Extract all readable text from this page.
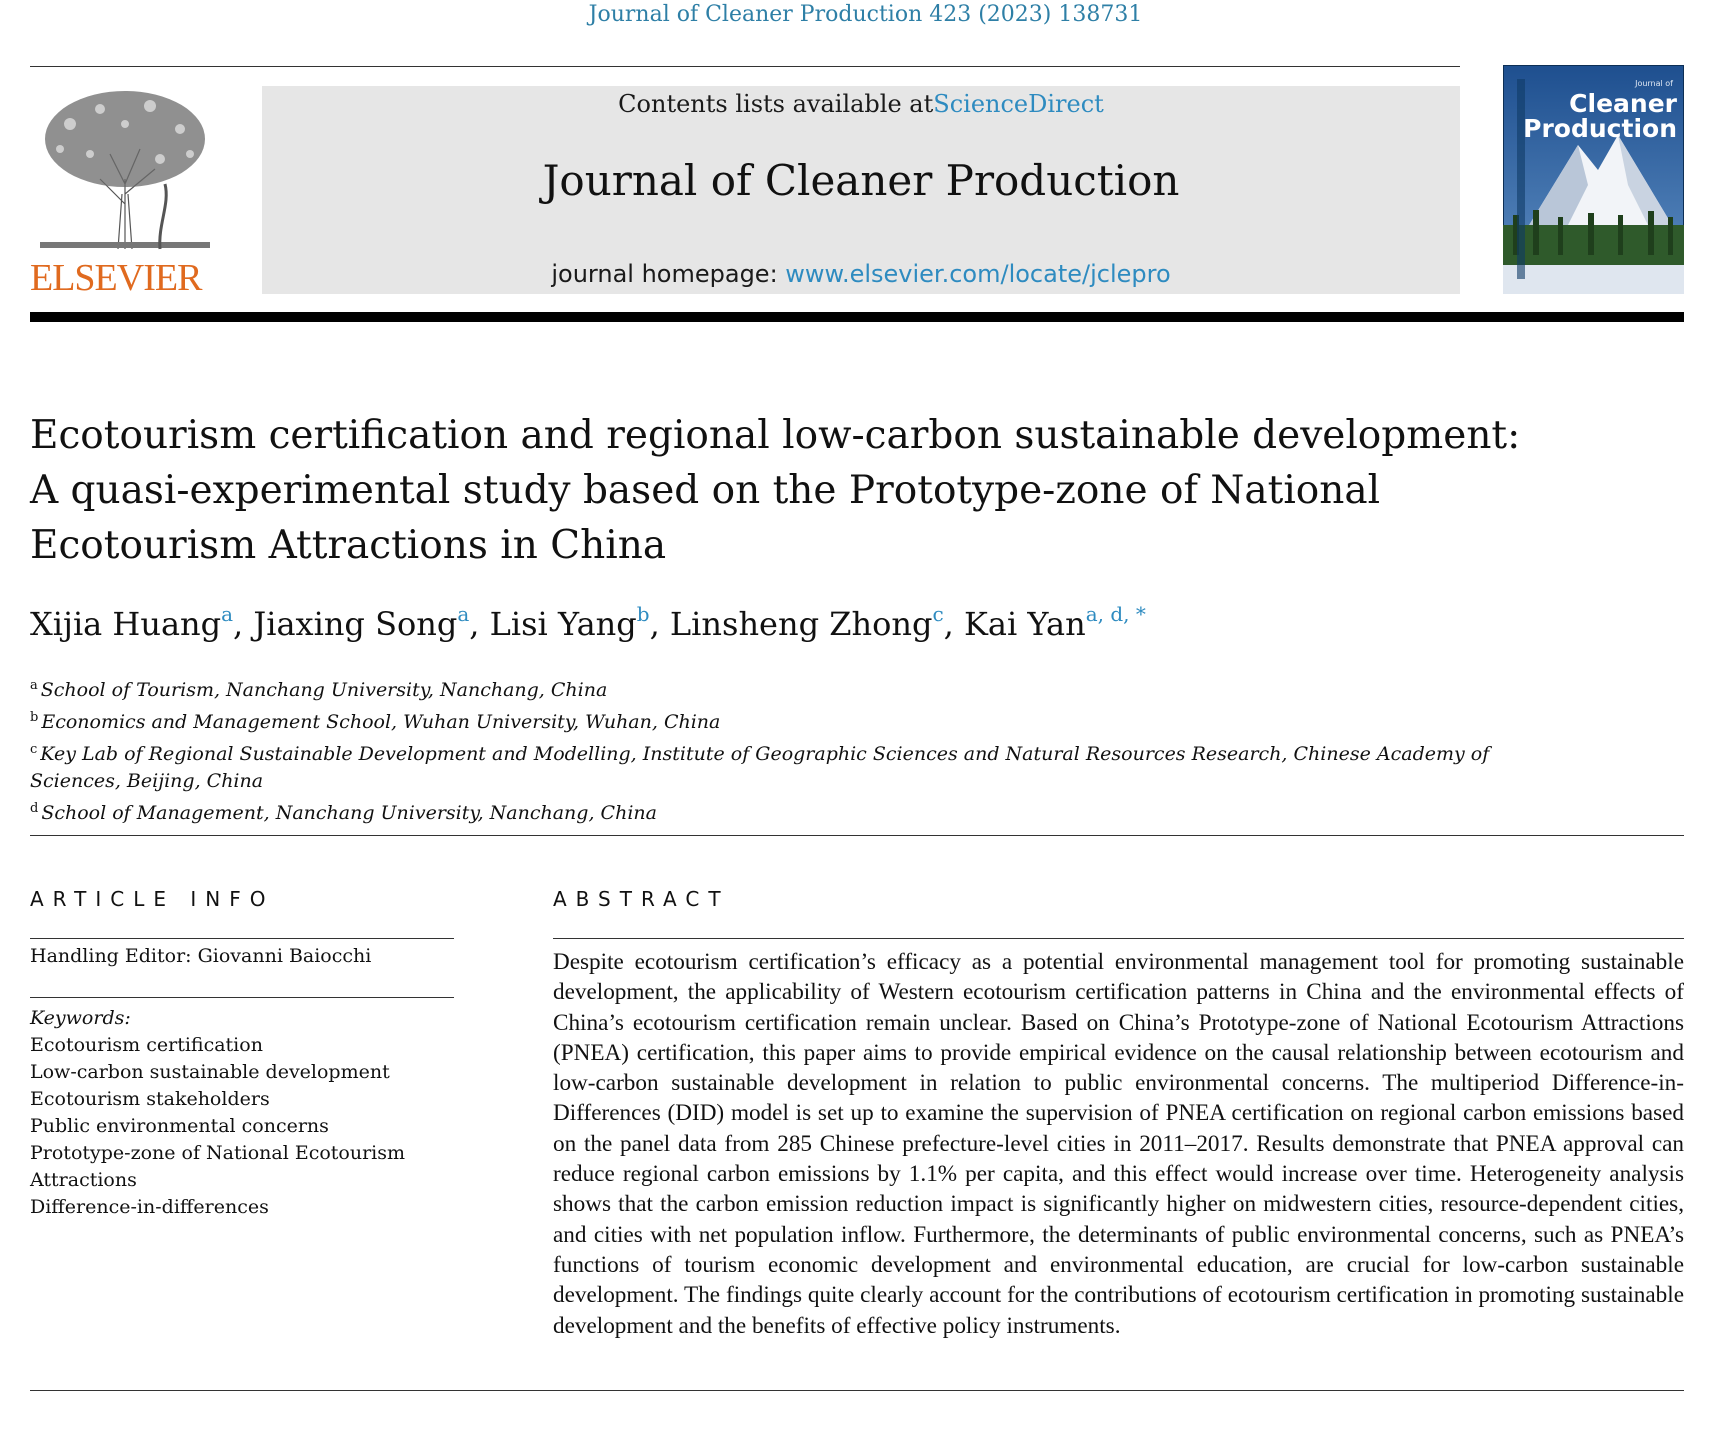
Journal of Cleaner Production 423 (2023) 138731
ELSEVIER
Contents lists available atScienceDirect
Journal of Cleaner Production
journal homepage: www.elsevier.com/locate/jclepro
Journal of
Cleaner
Production
Ecotourism certification and regional low-carbon sustainable development:
A quasi-experimental study based on the Prototype-zone of National
Ecotourism Attractions in China
Xijia Huang$^a$, Jiaxing Song$^a$, Lisi Yang$^b$, Linsheng Zhong$^c$, Kai Yan$^{a, d, *}$
$^a$ School of Tourism, Nanchang University, Nanchang, China
$^b$ Economics and Management School, Wuhan University, Wuhan, China
$^c$ Key Lab of Regional Sustainable Development and Modelling, Institute of Geographic Sciences and Natural Resources Research, Chinese Academy of Sciences, Beijing, China
$^d$ School of Management, Nanchang University, Nanchang, China
ARTICLE INFO	ABSTRACT
Handling Editor: Giovanni Baiocchi
Keywords:
Ecotourism certification
Low-carbon sustainable development
Ecotourism stakeholders
Public environmental concerns
Prototype-zone of National Ecotourism Attractions
Difference-in-differences
Despite ecotourism certification’s efficacy as a potential environmental management tool for promoting sustainable development, the applicability of Western ecotourism certification patterns in China and the environmental effects of China’s ecotourism certification remain unclear. Based on China’s Prototype-zone of National Ecotourism Attractions (PNEA) certification, this paper aims to provide empirical evidence on the causal relationship between ecotourism and low-carbon sustainable development in relation to public environmental concerns. The multiperiod Difference-in-Differences (DID) model is set up to examine the supervision of PNEA certification on regional carbon emissions based on the panel data from 285 Chinese prefecture-level cities in 2011–2017. Results demonstrate that PNEA approval can reduce regional carbon emissions by 1.1% per capita, and this effect would increase over time. Heterogeneity analysis shows that the carbon emission reduction impact is significantly higher on midwestern cities, resource-dependent cities, and cities with net population inflow. Furthermore, the determinants of public environmental concerns, such as PNEA’s functions of tourism economic development and environmental education, are crucial for low-carbon sustainable development. The findings quite clearly account for the contributions of ecotourism certification in promoting sustainable development and the benefits of effective policy instruments.
